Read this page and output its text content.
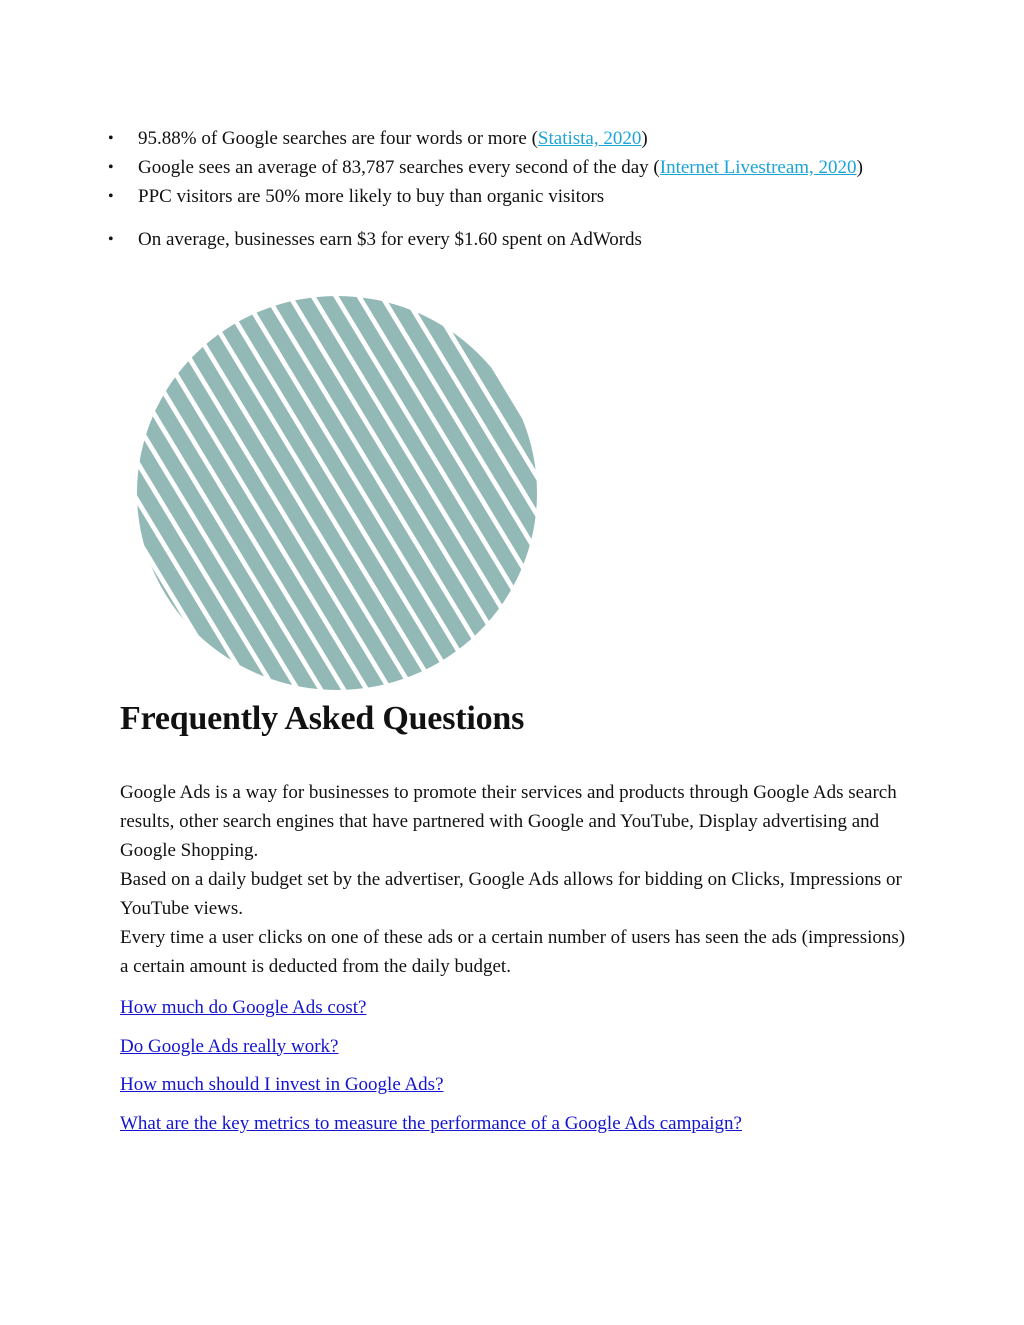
• 95.88% of Google searches are four words or more (Statista, 2020)
• Google sees an average of 83,787 searches every second of the day (Internet Livestream, 2020)
• PPC visitors are 50% more likely to buy than organic visitors
• On average, businesses earn $3 for every $1.60 spent on AdWords
Frequently Asked Questions

Google Ads is a way for businesses to promote their services and products through Google Ads search results, other search engines that have partnered with Google and YouTube, Display advertising and Google Shopping.

Based on a daily budget set by the advertiser, Google Ads allows for bidding on Clicks, Impressions or YouTube views.

Every time a user clicks on one of these ads or a certain number of users has seen the ads (impressions) a certain amount is deducted from the daily budget.

How much do Google Ads cost?
Do Google Ads really work?
How much should I invest in Google Ads?
What are the key metrics to measure the performance of a Google Ads campaign?
